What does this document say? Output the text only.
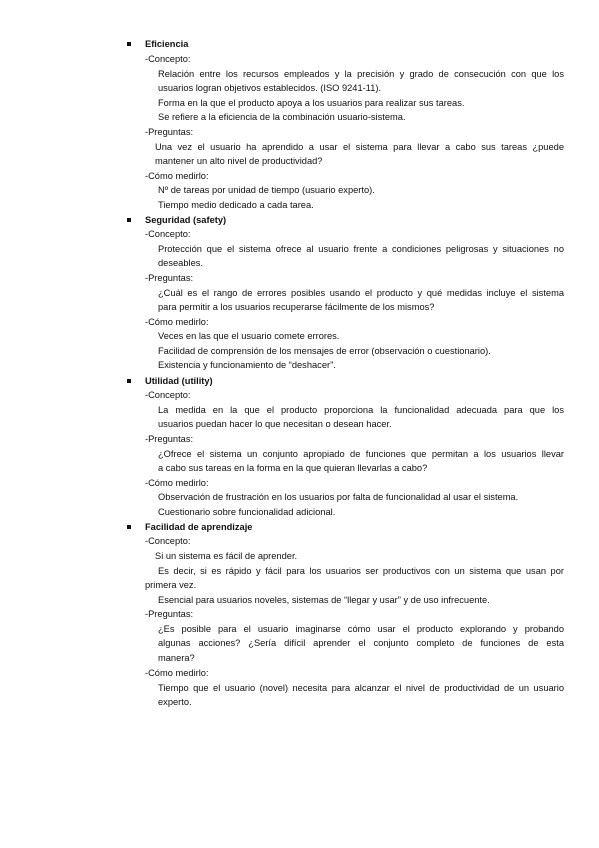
Eficiencia
-Concepto:
Relación entre los recursos empleados y la precisión y grado de consecución con que los
usuarios logran objetivos establecidos. (ISO 9241-11).
Forma en la que el producto apoya a los usuarios para realizar sus tareas.
Se refiere a la eficiencia de la combinación usuario-sistema.
-Preguntas:
Una vez el usuario ha aprendido a usar el sistema para llevar a cabo sus tareas ¿puede
mantener un alto nivel de productividad?
-Cómo medirlo:
Nº de tareas por unidad de tiempo (usuario experto).
Tiempo medio dedicado a cada tarea.
Seguridad (safety)
-Concepto:
Protección que el sistema ofrece al usuario frente a condiciones peligrosas y situaciones no
deseables.
-Preguntas:
¿Cuál es el rango de errores posibles usando el producto y qué medidas incluye el sistema
para permitir a los usuarios recuperarse fácilmente de los mismos?
-Cómo medirlo:
Veces en las que el usuario comete errores.
Facilidad de comprensión de los mensajes de error (observación o cuestionario).
Existencia y funcionamiento de “deshacer”.
Utilidad (utility)
-Concepto:
La medida en la que el producto proporciona la funcionalidad adecuada para que los
usuarios puedan hacer lo que necesitan o desean hacer.
-Preguntas:
¿Ofrece el sistema un conjunto apropiado de funciones que permitan a los usuarios llevar
a cabo sus tareas en la forma en la que quieran llevarlas a cabo?
-Cómo medirlo:
Observación de frustración en los usuarios por falta de funcionalidad al usar el sistema.
Cuestionario sobre funcionalidad adicional.
Facilidad de aprendizaje
-Concepto:
Si un sistema es fácil de aprender.
Es decir, si es rápido y fácil para los usuarios ser productivos con un sistema que usan por
primera vez.
Esencial para usuarios noveles, sistemas de “llegar y usar” y de uso infrecuente.
-Preguntas:
¿Es posible para el usuario imaginarse cómo usar el producto explorando y probando
algunas acciones? ¿Sería difícil aprender el conjunto completo de funciones de esta
manera?
-Cómo medirlo:
Tiempo que el usuario (novel) necesita para alcanzar el nivel de productividad de un usuario
experto.
